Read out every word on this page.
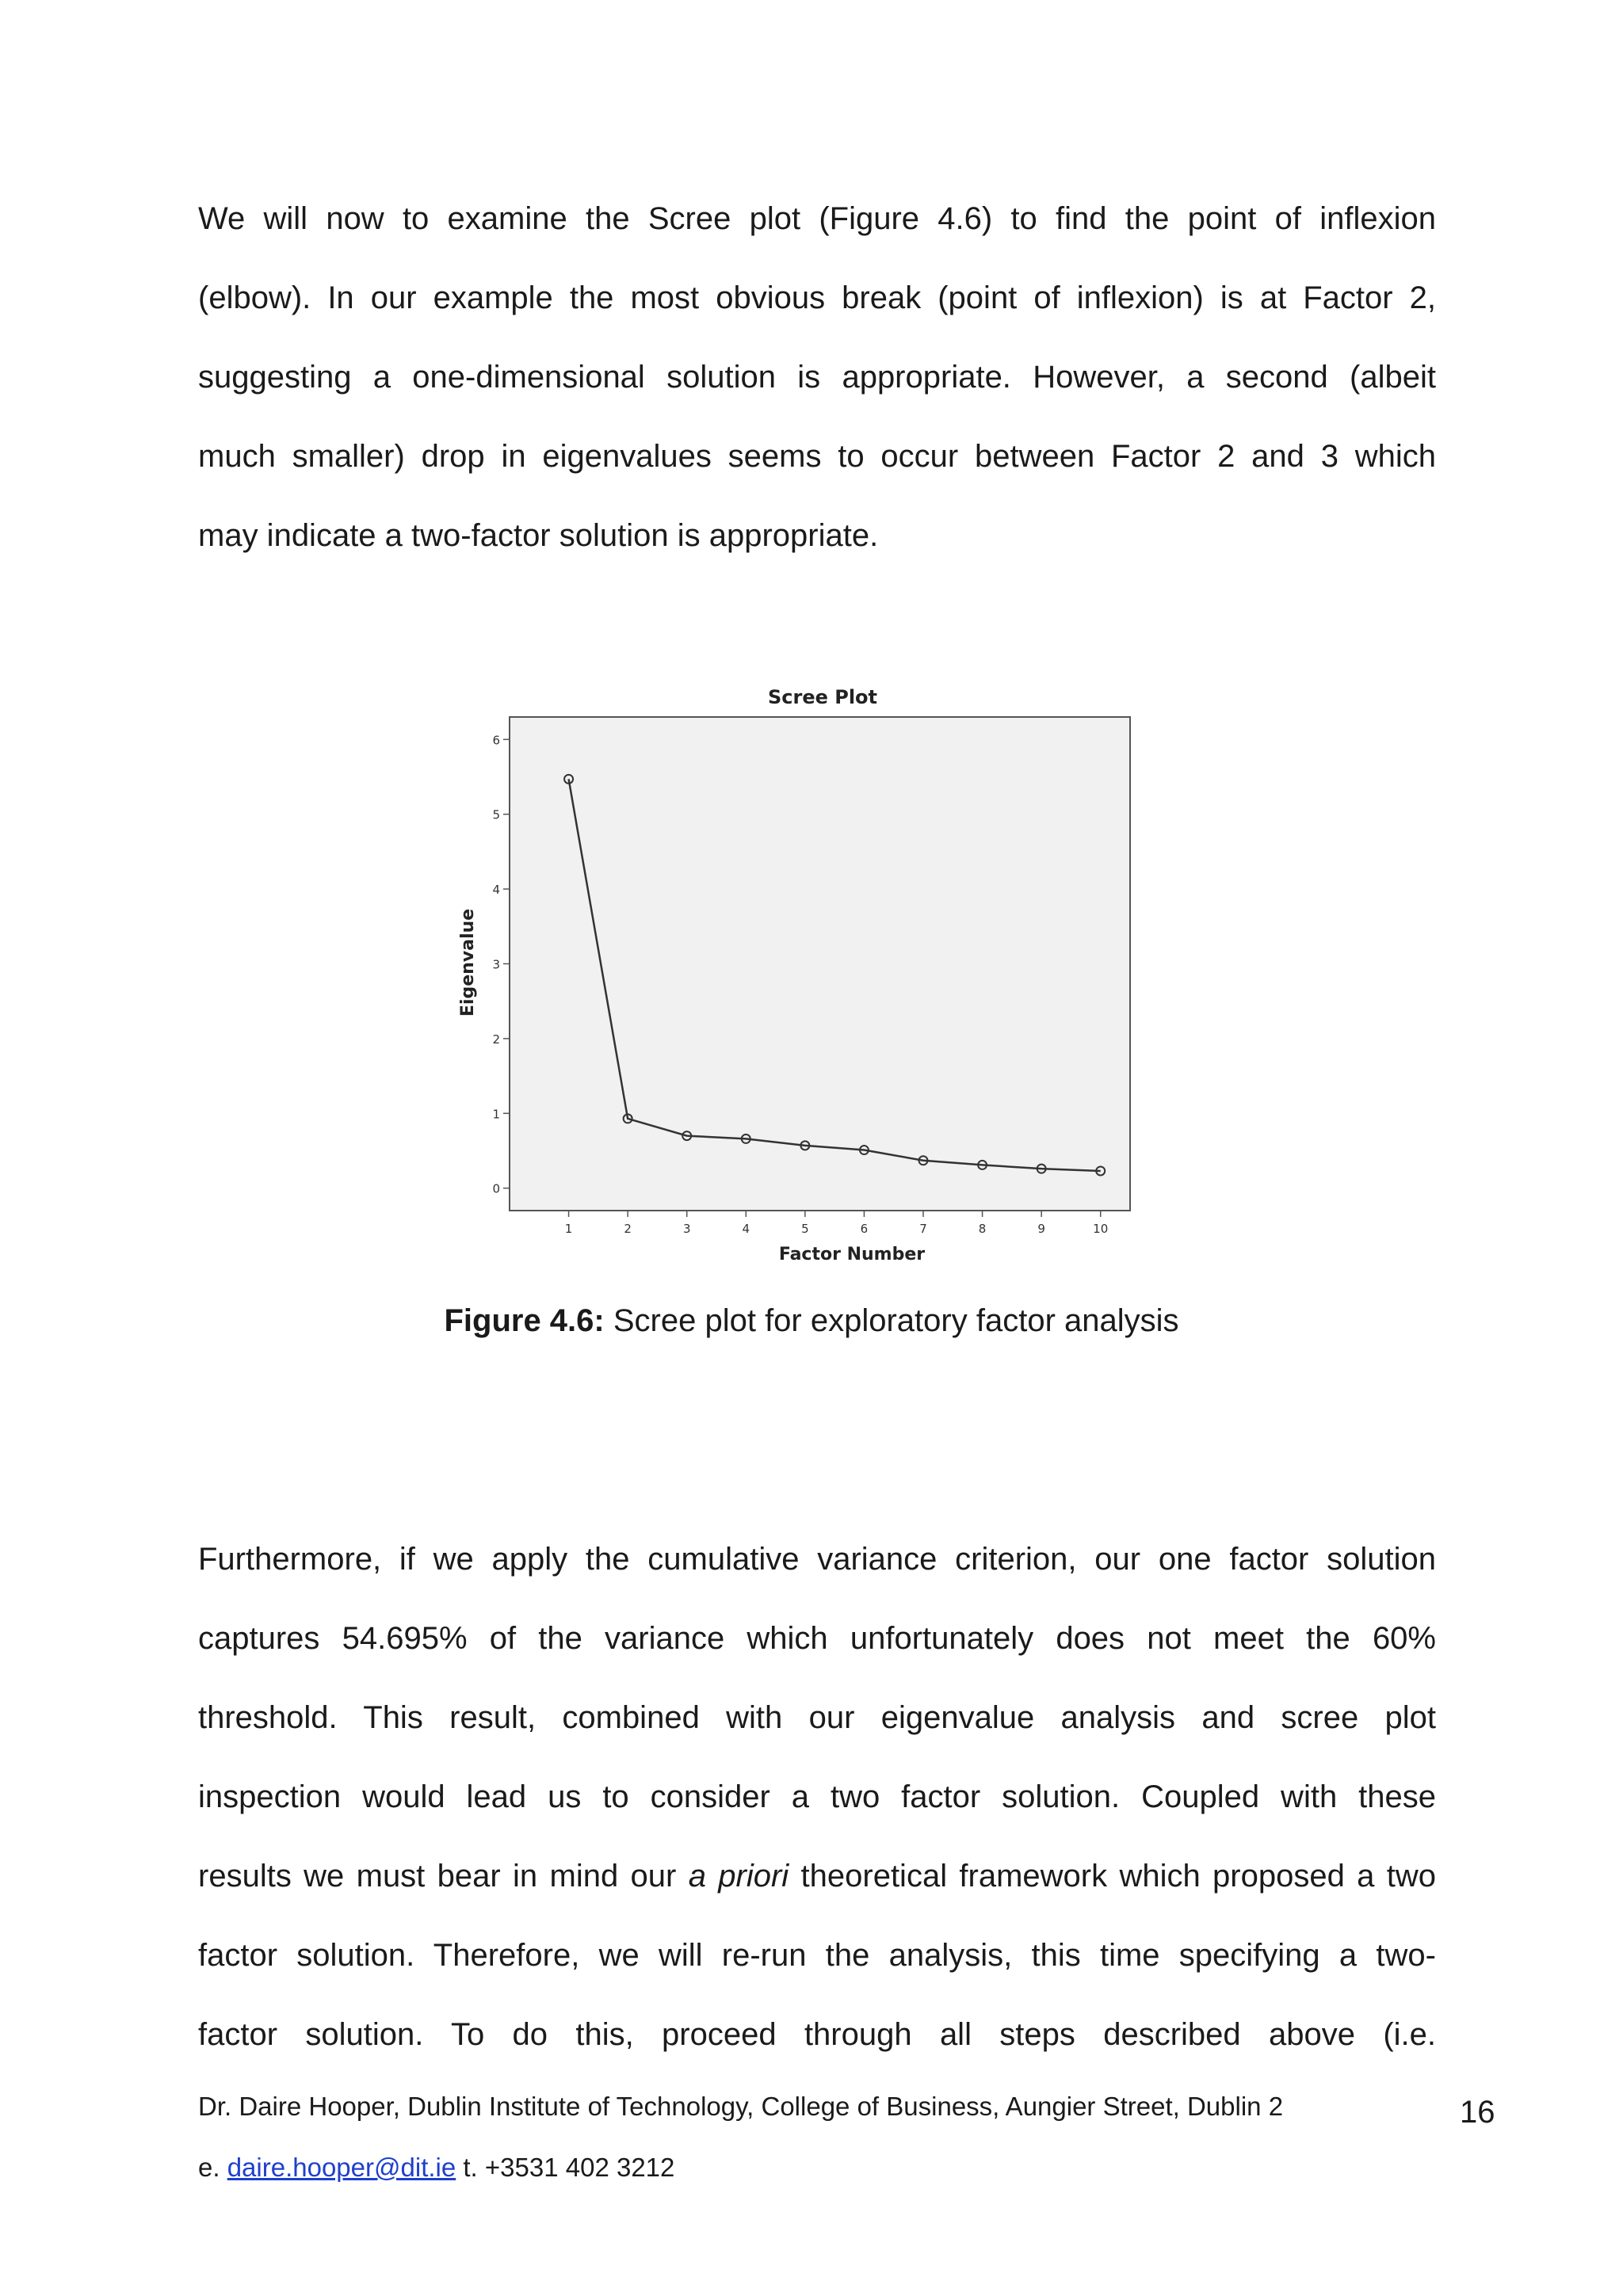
We will now to examine the Scree plot (Figure 4.6) to find the point of inflexion
(elbow). In our example the most obvious break (point of inflexion) is at Factor 2,
suggesting a one-dimensional solution is appropriate. However, a second (albeit
much smaller) drop in eigenvalues seems to occur between Factor 2 and 3 which
may indicate a two-factor solution is appropriate.
Scree Plot
0
1
2
3
4
5
6
1	2	3	4	5	6	7	8	9	10
Factor Number
Eigenvalue
Figure 4.6: Scree plot for exploratory factor analysis
Furthermore, if we apply the cumulative variance criterion, our one factor solution
captures 54.695% of the variance which unfortunately does not meet the 60%
threshold. This result, combined with our eigenvalue analysis and scree plot
inspection would lead us to consider a two factor solution. Coupled with these
results we must bear in mind our a priori theoretical framework which proposed a two
factor solution. Therefore, we will re-run the analysis, this time specifying a two-
factor solution. To do this, proceed through all steps described above (i.e.
Dr. Daire Hooper, Dublin Institute of Technology, College of Business, Aungier Street, Dublin 2
e. daire.hooper@dit.ie t. +3531 402 3212
16
